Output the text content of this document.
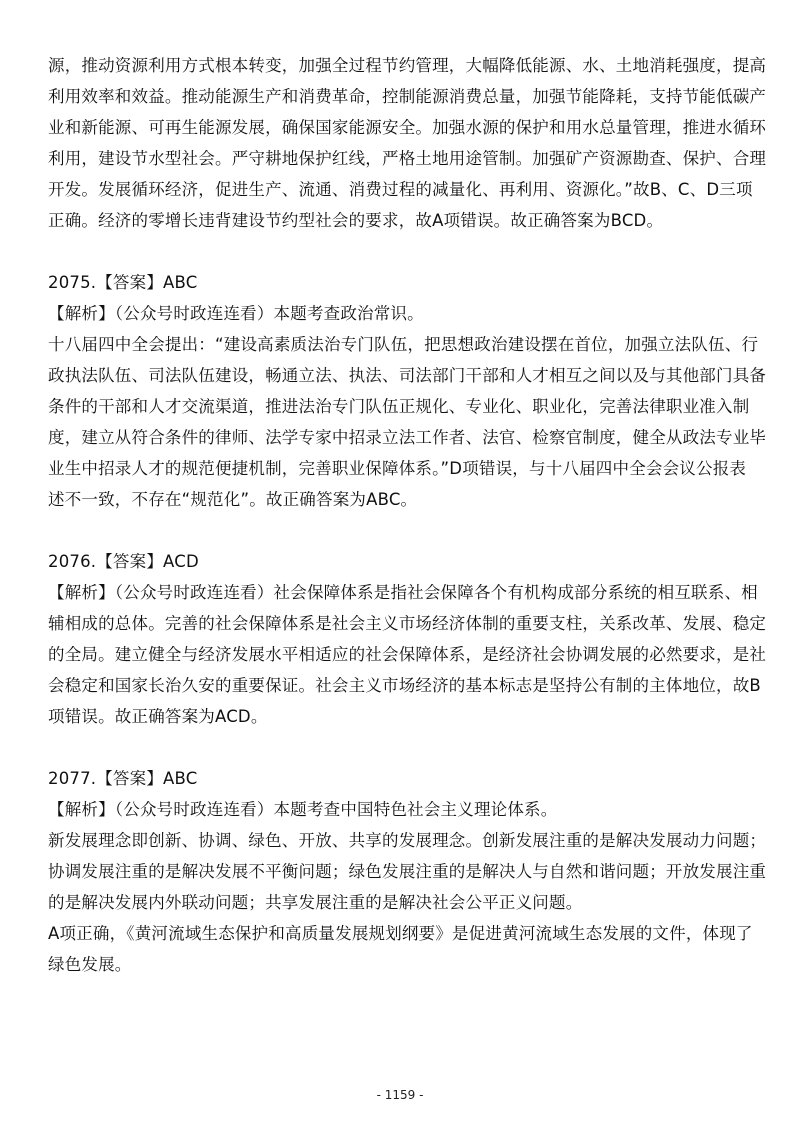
源，推动资源利用方式根本转变，加强全过程节约管理，大幅降低能源、水、土地消耗强度，提高
利用效率和效益。推动能源生产和消费革命，控制能源消费总量，加强节能降耗，支持节能低碳产
业和新能源、可再生能源发展，确保国家能源安全。加强水源的保护和用水总量管理，推进水循环
利用，建设节水型社会。严守耕地保护红线，严格土地用途管制。加强矿产资源勘查、保护、合理
开发。发展循环经济，促进生产、流通、消费过程的减量化、再利用、资源化。”故B、C、D三项
正确。经济的零增长违背建设节约型社会的要求，故A项错误。故正确答案为BCD。
2075.【答案】ABC
【解析】（公众号时政连连看）本题考查政治常识。
十八届四中全会提出：“建设高素质法治专门队伍，把思想政治建设摆在首位，加强立法队伍、行
政执法队伍、司法队伍建设，畅通立法、执法、司法部门干部和人才相互之间以及与其他部门具备
条件的干部和人才交流渠道，推进法治专门队伍正规化、专业化、职业化，完善法律职业准入制
度，建立从符合条件的律师、法学专家中招录立法工作者、法官、检察官制度，健全从政法专业毕
业生中招录人才的规范便捷机制，完善职业保障体系。”D项错误，与十八届四中全会会议公报表
述不一致，不存在“规范化”。故正确答案为ABC。
2076.【答案】ACD
【解析】（公众号时政连连看）社会保障体系是指社会保障各个有机构成部分系统的相互联系、相
辅相成的总体。完善的社会保障体系是社会主义市场经济体制的重要支柱，关系改革、发展、稳定
的全局。建立健全与经济发展水平相适应的社会保障体系，是经济社会协调发展的必然要求，是社
会稳定和国家长治久安的重要保证。社会主义市场经济的基本标志是坚持公有制的主体地位，故B
项错误。故正确答案为ACD。
2077.【答案】ABC
【解析】（公众号时政连连看）本题考查中国特色社会主义理论体系。
新发展理念即创新、协调、绿色、开放、共享的发展理念。创新发展注重的是解决发展动力问题；
协调发展注重的是解决发展不平衡问题；绿色发展注重的是解决人与自然和谐问题；开放发展注重
的是解决发展内外联动问题；共享发展注重的是解决社会公平正义问题。
A项正确，《黄河流域生态保护和高质量发展规划纲要》是促进黄河流域生态发展的文件，体现了
绿色发展。
- 1159 -
